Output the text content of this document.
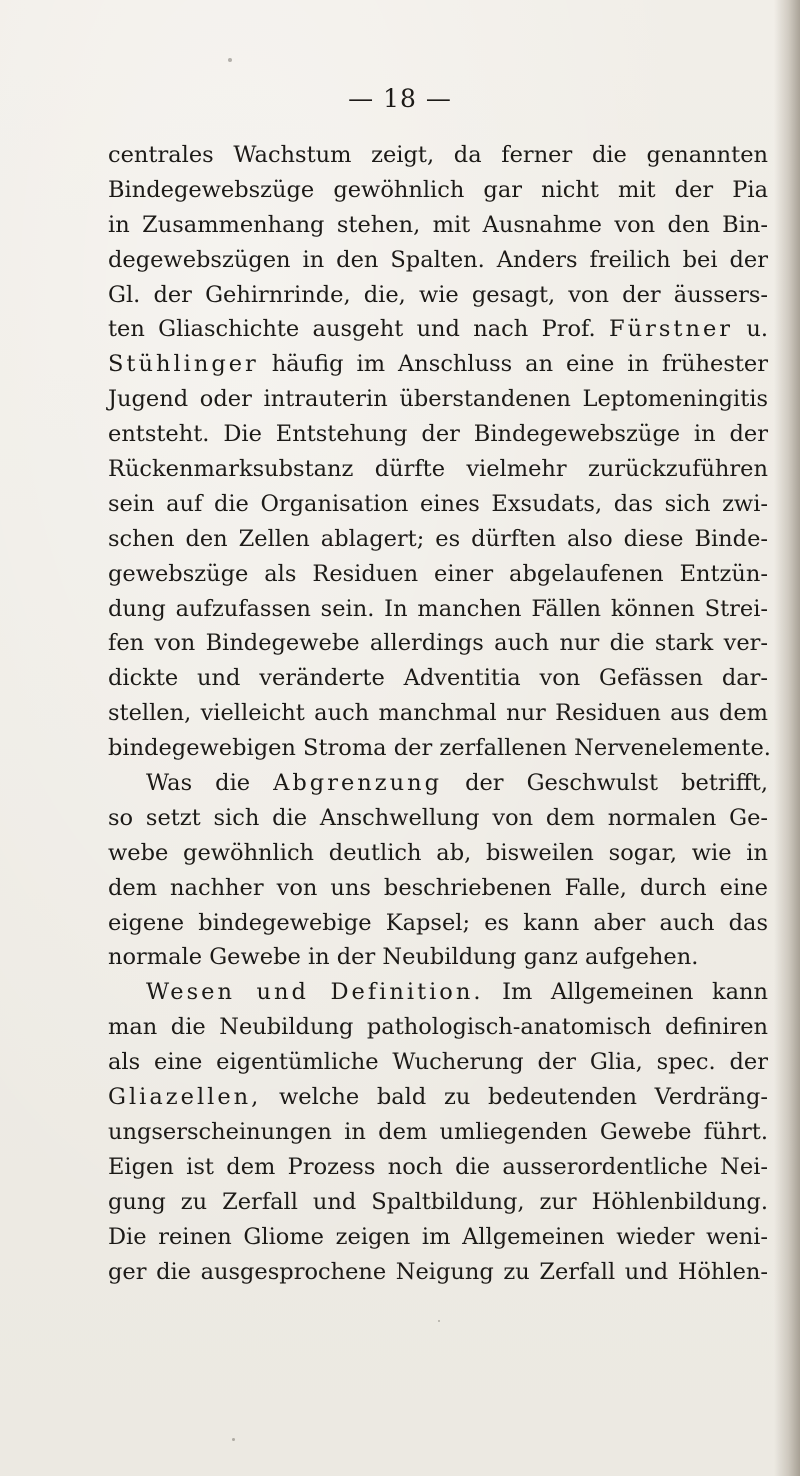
— 18 —
centrales Wachstum zeigt, da ferner die genannten
Bindegewebszüge gewöhnlich gar nicht mit der Pia
in Zusammenhang stehen, mit Ausnahme von den Bin-
degewebszügen in den Spalten. Anders freilich bei der
Gl. der Gehirnrinde, die, wie gesagt, von der äussers-
ten Gliaschichte ausgeht und nach Prof. Fürstner u.
Stühlinger häufig im Anschluss an eine in frühester
Jugend oder intrauterin überstandenen Leptomeningitis
entsteht. Die Entstehung der Bindegewebszüge in der
Rückenmarksubstanz dürfte vielmehr zurückzuführen
sein auf die Organisation eines Exsudats, das sich zwi-
schen den Zellen ablagert; es dürften also diese Binde-
gewebszüge als Residuen einer abgelaufenen Entzün-
dung aufzufassen sein. In manchen Fällen können Strei-
fen von Bindegewebe allerdings auch nur die stark ver-
dickte und veränderte Adventitia von Gefässen dar-
stellen, vielleicht auch manchmal nur Residuen aus dem
bindegewebigen Stroma der zerfallenen Nervenelemente.
Was die Abgrenzung der Geschwulst betrifft,
so setzt sich die Anschwellung von dem normalen Ge-
webe gewöhnlich deutlich ab, bisweilen sogar, wie in
dem nachher von uns beschriebenen Falle, durch eine
eigene bindegewebige Kapsel; es kann aber auch das
normale Gewebe in der Neubildung ganz aufgehen.
Wesen und Definition. Im Allgemeinen kann
man die Neubildung pathologisch-anatomisch definiren
als eine eigentümliche Wucherung der Glia, spec. der
Gliazellen, welche bald zu bedeutenden Verdräng-
ungserscheinungen in dem umliegenden Gewebe führt.
Eigen ist dem Prozess noch die ausserordentliche Nei-
gung zu Zerfall und Spaltbildung, zur Höhlenbildung.
Die reinen Gliome zeigen im Allgemeinen wieder weni-
ger die ausgesprochene Neigung zu Zerfall und Höhlen-
